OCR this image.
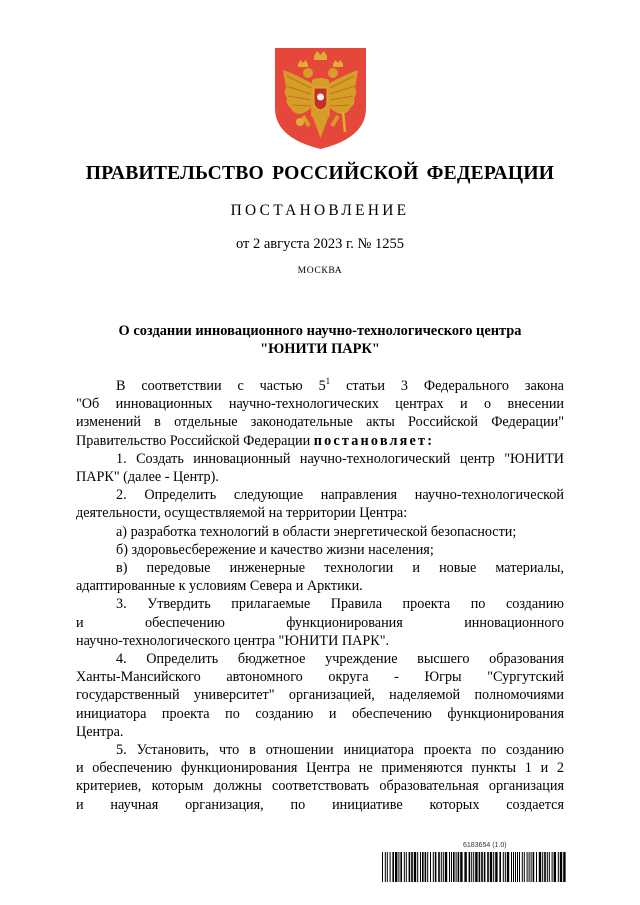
ПРАВИТЕЛЬСТВО РОССИЙСКОЙ ФЕДЕРАЦИИ
ПОСТАНОВЛЕНИЕ
от 2 августа 2023 г. № 1255
МОСКВА
О создании инновационного научно-технологического центра
"ЮНИТИ ПАРК"

В соответствии с частью $5^1$ статьи 3 Федерального закона

"Об инновационных научно-технологических центрах и о внесении

изменений в отдельные законодательные акты Российской Федерации"

Правительство Российской Федерации постановляет:

1. Создать инновационный научно-технологический центр "ЮНИТИ

ПАРК" (далее - Центр).

2. Определить следующие направления научно-технологической

деятельности, осуществляемой на территории Центра:

а) разработка технологий в области энергетической безопасности;

б) здоровьесбережение и качество жизни населения;

в) передовые инженерные технологии и новые материалы,

адаптированные к условиям Севера и Арктики.

3. Утвердить прилагаемые Правила проекта по созданию

и обеспечению функционирования инновационного

научно-технологического центра "ЮНИТИ ПАРК".

4. Определить бюджетное учреждение высшего образования

Ханты-Мансийского автономного округа - Югры "Сургутский

государственный университет" организацией, наделяемой полномочиями

инициатора проекта по созданию и обеспечению функционирования

Центра.

5. Установить, что в отношении инициатора проекта по созданию

и обеспечению функционирования Центра не применяются пункты 1 и 2

критериев, которым должны соответствовать образовательная организация

и научная организация, по инициативе которых создается

6183654 (1.0)
